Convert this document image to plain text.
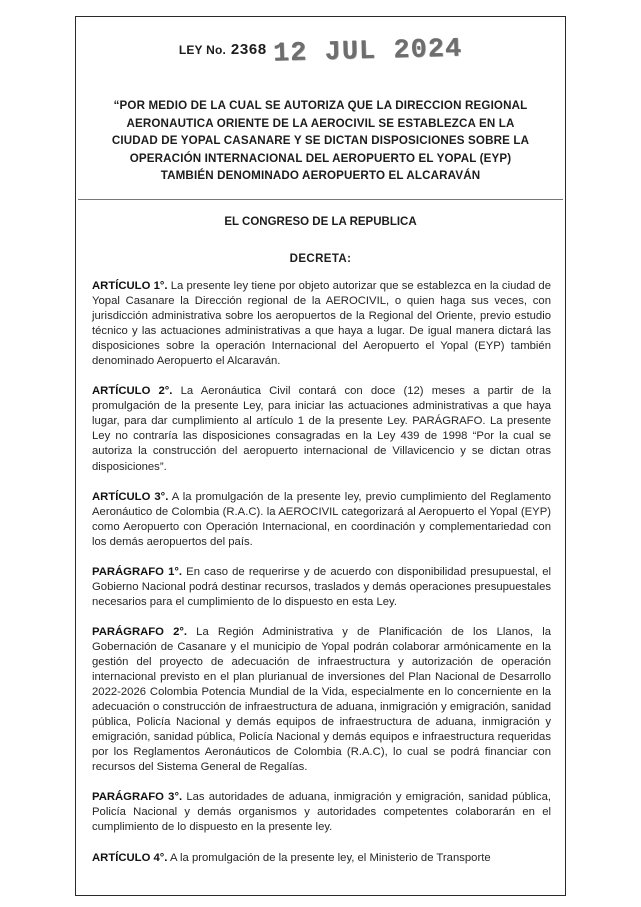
$^{LEY No.}$ 2368 12 JUL 2024
“POR MEDIO DE LA CUAL SE AUTORIZA QUE LA DIRECCION REGIONAL
AERONAUTICA ORIENTE DE LA AEROCIVIL SE ESTABLEZCA EN LA
CIUDAD DE YOPAL CASANARE Y SE DICTAN DISPOSICIONES SOBRE LA
OPERACIÓN INTERNACIONAL DEL AEROPUERTO EL YOPAL (EYP)
TAMBIÉN DENOMINADO AEROPUERTO EL ALCARAVÁN
EL CONGRESO DE LA REPUBLICA
DECRETA:

ARTÍCULO 1°. La presente ley tiene por objeto autorizar que se establezca en la ciudad de Yopal Casanare la Dirección regional de la AEROCIVIL, o quien haga sus veces, con jurisdicción administrativa sobre los aeropuertos de la Regional del Oriente, previo estudio técnico y las actuaciones administrativas a que haya a lugar. De igual manera dictará las disposiciones sobre la operación Internacional del Aeropuerto el Yopal (EYP) también denominado Aeropuerto el Alcaraván.

ARTÍCULO 2°. La Aeronáutica Civil contará con doce (12) meses a partir de la promulgación de la presente Ley, para iniciar las actuaciones administrativas a que haya lugar, para dar cumplimiento al artículo 1 de la presente Ley. PARÁGRAFO. La presente Ley no contraría las disposiciones consagradas en la Ley 439 de 1998 “Por la cual se autoriza la construcción del aeropuerto internacional de Villavicencio y se dictan otras disposiciones”.

ARTÍCULO 3°. A la promulgación de la presente ley, previo cumplimiento del Reglamento Aeronáutico de Colombia (R.A.C). la AEROCIVIL categorizará al Aeropuerto el Yopal (EYP) como Aeropuerto con Operación Internacional, en coordinación y complementariedad con los demás aeropuertos del país.

PARÁGRAFO 1°. En caso de requerirse y de acuerdo con disponibilidad presupuestal, el Gobierno Nacional podrá destinar recursos, traslados y demás operaciones presupuestales necesarios para el cumplimiento de lo dispuesto en esta Ley.

PARÁGRAFO 2°. La Región Administrativa y de Planificación de los Llanos, la Gobernación de Casanare y el municipio de Yopal podrán colaborar armónicamente en la gestión del proyecto de adecuación de infraestructura y autorización de operación internacional previsto en el plan plurianual de inversiones del Plan Nacional de Desarrollo 2022-2026 Colombia Potencia Mundial de la Vida, especialmente en lo concerniente en la adecuación o construcción de infraestructura de aduana, inmigración y emigración, sanidad pública, Policía Nacional y demás equipos de infraestructura de aduana, inmigración y emigración, sanidad pública, Policía Nacional y demás equipos e infraestructura requeridas por los Reglamentos Aeronáuticos de Colombia (R.A.C), lo cual se podrá financiar con recursos del Sistema General de Regalías.

PARÁGRAFO 3°. Las autoridades de aduana, inmigración y emigración, sanidad pública, Policía Nacional y demás organismos y autoridades competentes colaborarán en el cumplimiento de lo dispuesto en la presente ley.

ARTÍCULO 4°. A la promulgación de la presente ley, el Ministerio de Transporte
